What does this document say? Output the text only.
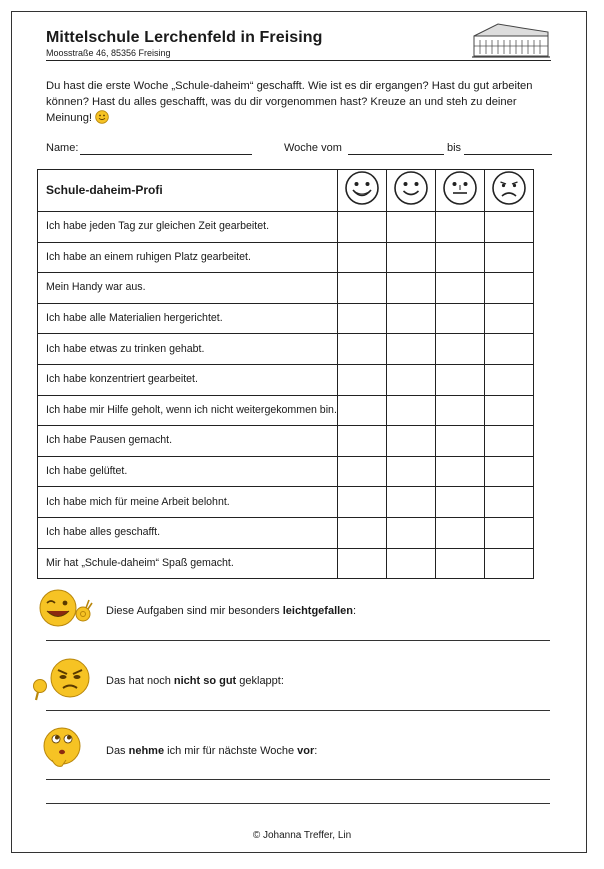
Mittelschule Lerchenfeld in Freising
Moosstraße 46, 85356 Freising
Du hast die erste Woche „Schule-daheim“ geschafft. Wie ist es dir ergangen? Hast du gut arbeiten können? Hast du alles geschafft, was du dir vorgenommen hast? Kreuze an und steh zu deiner Meinung!
Name:	Woche vom	bis
Schule-daheim-Profi				
Ich habe jeden Tag zur gleichen Zeit gearbeitet.				
Ich habe an einem ruhigen Platz gearbeitet.				
Mein Handy war aus.				
Ich habe alle Materialien hergerichtet.				
Ich habe etwas zu trinken gehabt.				
Ich habe konzentriert gearbeitet.				
Ich habe mir Hilfe geholt, wenn ich nicht weitergekommen bin.				
Ich habe Pausen gemacht.				
Ich habe gelüftet.				
Ich habe mich für meine Arbeit belohnt.				
Ich habe alles geschafft.				
Mir hat „Schule-daheim“ Spaß gemacht.				
Diese Aufgaben sind mir besonders leichtgefallen:
Das hat noch nicht so gut geklappt:
Das nehme ich mir für nächste Woche vor:
© Johanna Treffer, Lin
